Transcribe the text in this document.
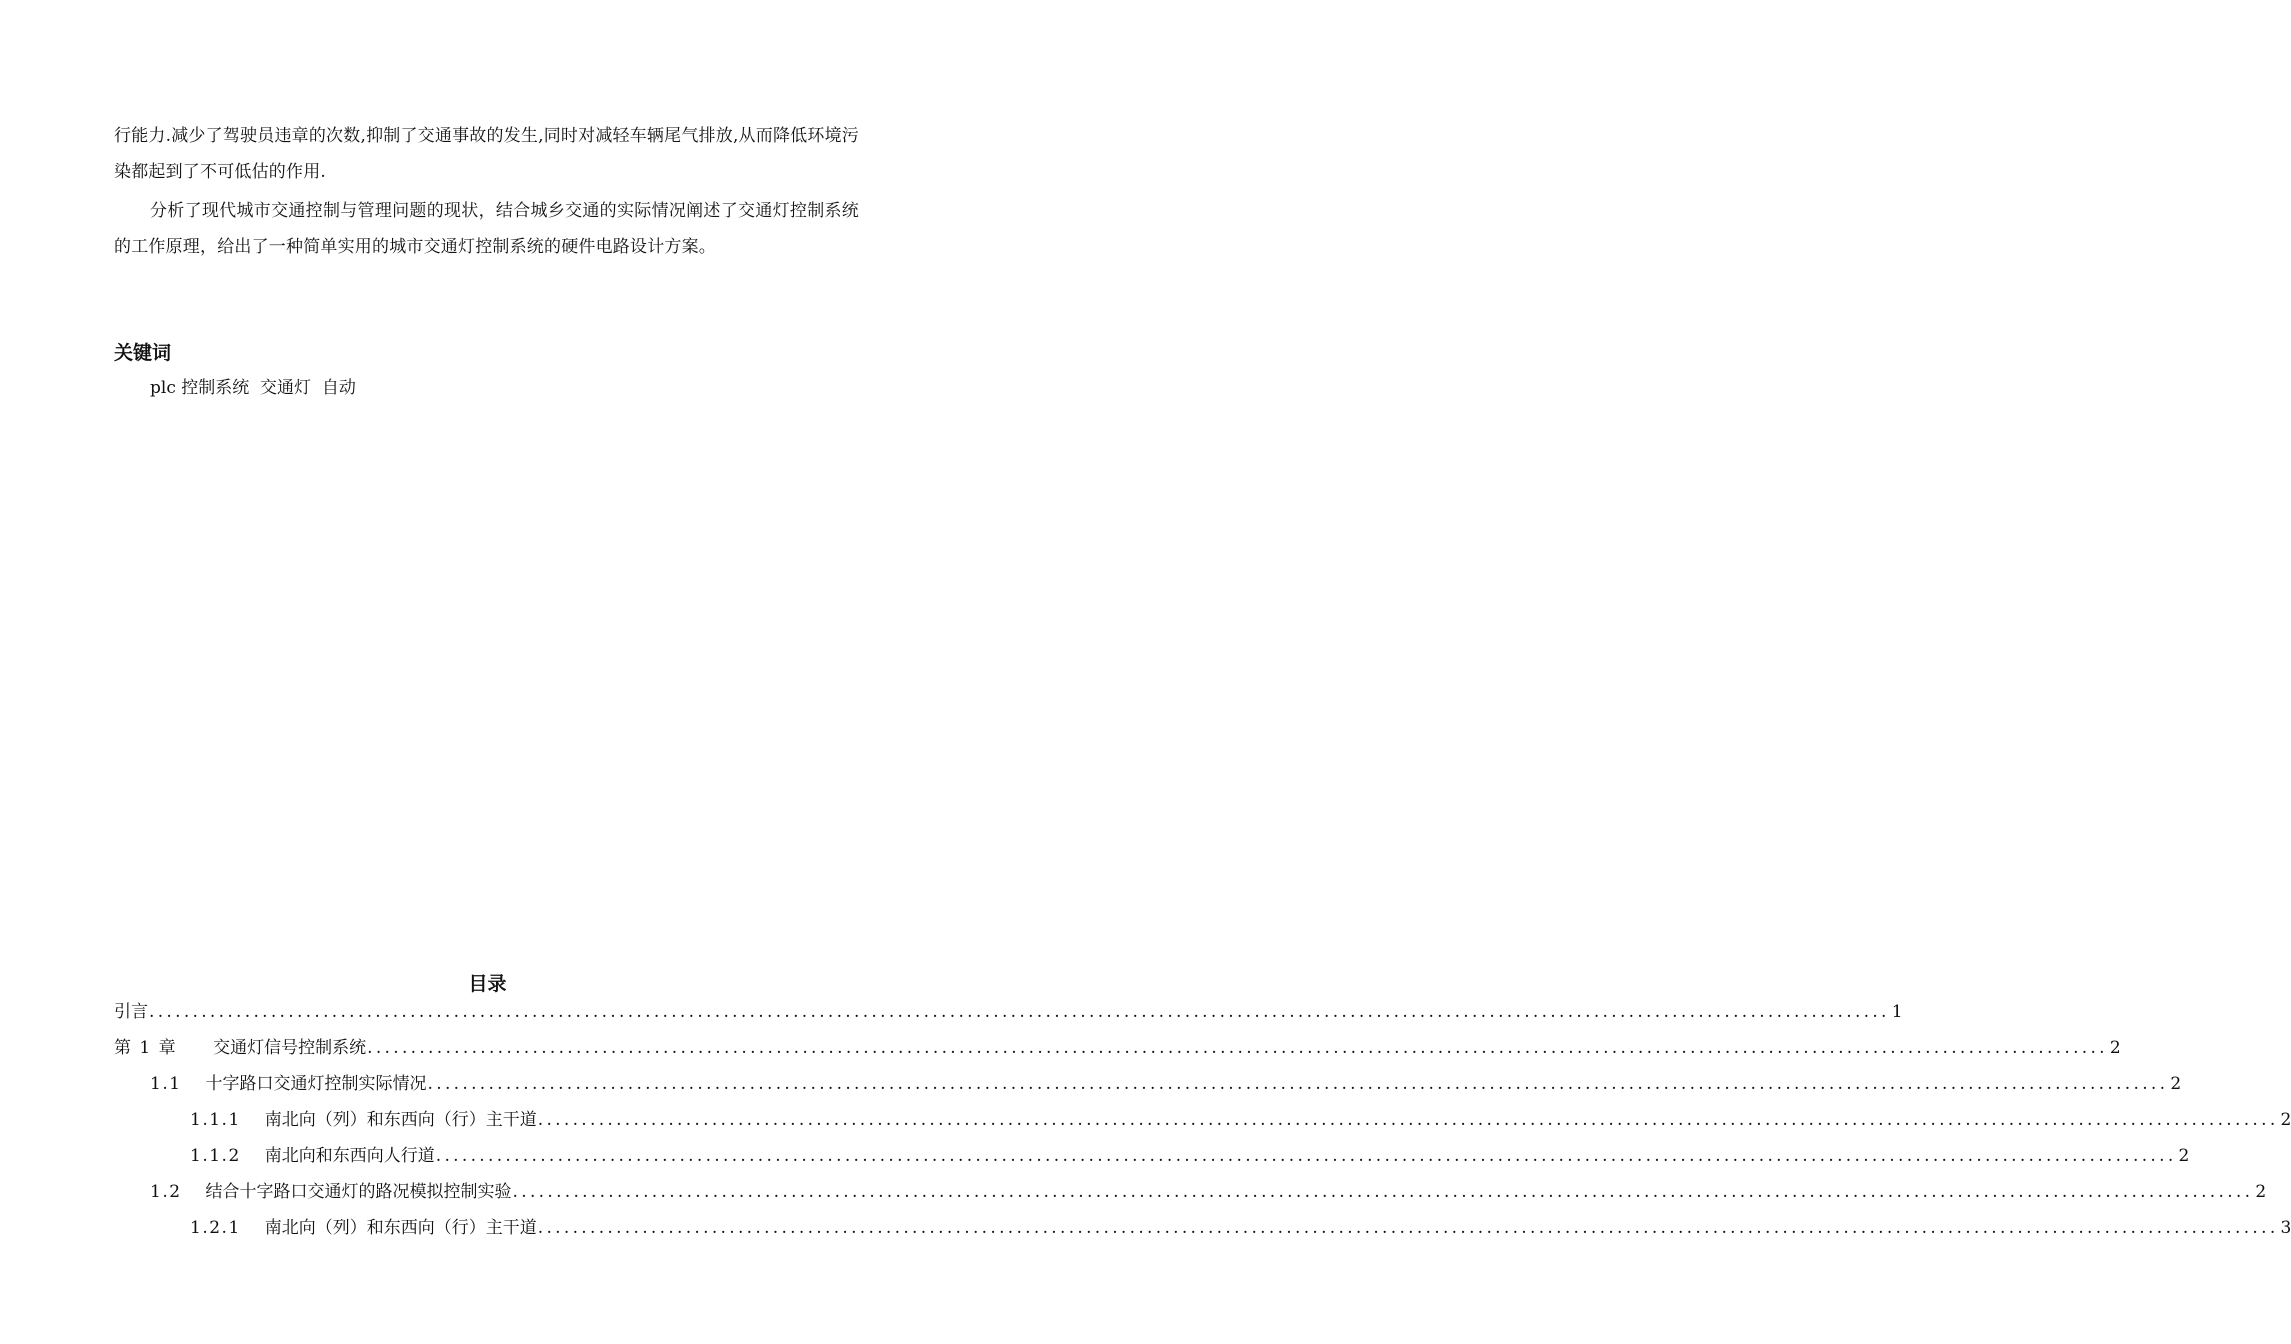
行能力.减少了驾驶员违章的次数,抑制了交通事故的发生,同时对减轻车辆尾气排放,从而降低环境污染都起到了不可低估的作用.
分析了现代城市交通控制与管理问题的现状，结合城乡交通的实际情况阐述了交通灯控制系统的工作原理，给出了一种简单实用的城市交通灯控制系统的硬件电路设计方案。
关键词
plc 控制系统  交通灯  自动
目录
引言 ........................................................................................................................................................................................................ 1
第 1 章 交通灯信号控制系统 ........................................................................................................................................................................................................ 2
1.1 十字路口交通灯控制实际情况 ........................................................................................................................................................................................................ 2
1.1.1 南北向（列）和东西向（行）主干道 ........................................................................................................................................................................................................ 2
1.1.2 南北向和东西向人行道 ........................................................................................................................................................................................................ 2
1.2 结合十字路口交通灯的路况模拟控制实验 ........................................................................................................................................................................................................ 2
1.2.1 南北向（列）和东西向（行）主干道 ........................................................................................................................................................................................................ 3
